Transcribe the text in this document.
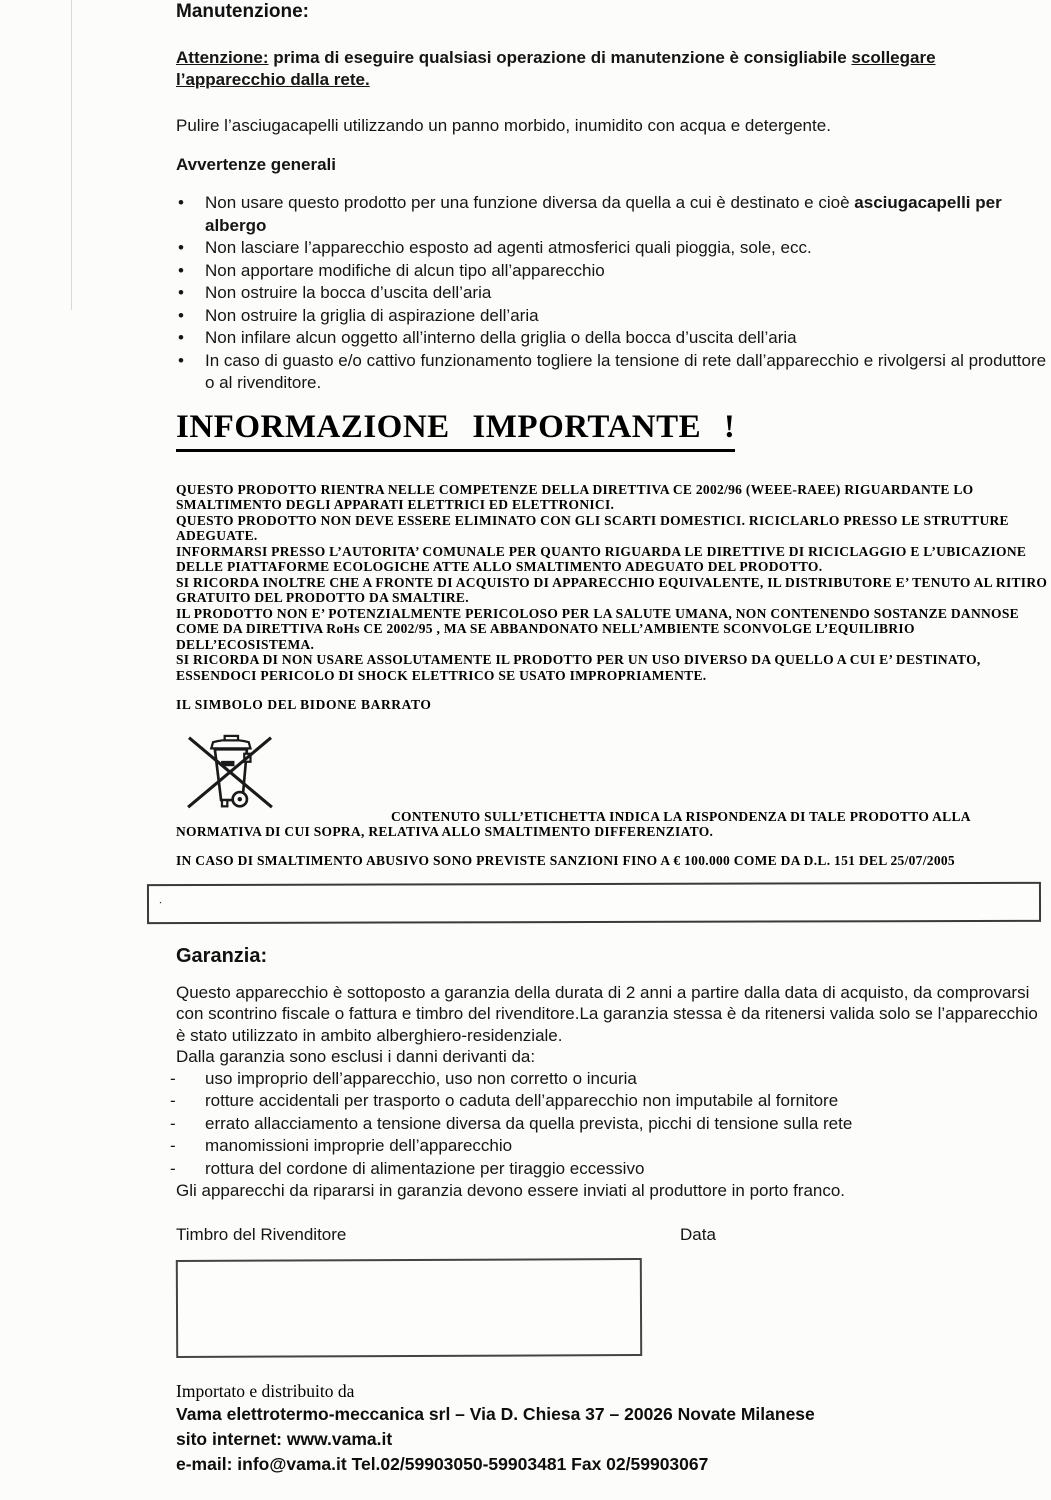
Manutenzione:

Attenzione: prima di eseguire qualsiasi operazione di manutenzione è consigliabile scollegare l’apparecchio dalla rete.

Pulire l’asciugacapelli utilizzando un panno morbido, inumidito con acqua e detergente.

Avvertenze generali

• Non usare questo prodotto per una funzione diversa da quella a cui è destinato e cioè asciugacapelli per albergo
• Non lasciare l’apparecchio esposto ad agenti atmosferici quali pioggia, sole, ecc.
• Non apportare modifiche di alcun tipo all’apparecchio
• Non ostruire la bocca d’uscita dell’aria
• Non ostruire la griglia di aspirazione dell’aria
• Non infilare alcun oggetto all’interno della griglia o della bocca d’uscita dell’aria
• In caso di guasto e/o cattivo funzionamento togliere la tensione di rete dall’apparecchio e rivolgersi al produttore o al rivenditore.
INFORMAZIONE IMPORTANTE !

QUESTO PRODOTTO RIENTRA NELLE COMPETENZE DELLA DIRETTIVA CE 2002/96 (WEEE-RAEE) RIGUARDANTE LO SMALTIMENTO DEGLI APPARATI ELETTRICI ED ELETTRONICI.

QUESTO PRODOTTO NON DEVE ESSERE ELIMINATO CON GLI SCARTI DOMESTICI. RICICLARLO PRESSO LE STRUTTURE ADEGUATE.

INFORMARSI PRESSO L’AUTORITA’ COMUNALE PER QUANTO RIGUARDA LE DIRETTIVE DI RICICLAGGIO E L’UBICAZIONE DELLE PIATTAFORME ECOLOGICHE ATTE ALLO SMALTIMENTO ADEGUATO DEL PRODOTTO.

SI RICORDA INOLTRE CHE A FRONTE DI ACQUISTO DI APPARECCHIO EQUIVALENTE, IL DISTRIBUTORE E’ TENUTO AL RITIRO GRATUITO DEL PRODOTTO DA SMALTIRE.

IL PRODOTTO NON E’ POTENZIALMENTE PERICOLOSO PER LA SALUTE UMANA, NON CONTENENDO SOSTANZE DANNOSE COME DA DIRETTIVA RoHs CE 2002/95 , MA SE ABBANDONATO NELL’AMBIENTE SCONVOLGE L’EQUILIBRIO DELL’ECOSISTEMA.

SI RICORDA DI NON USARE ASSOLUTAMENTE IL PRODOTTO PER UN USO DIVERSO DA QUELLO A CUI E’ DESTINATO, ESSENDOCI PERICOLO DI SHOCK ELETTRICO SE USATO IMPROPRIAMENTE.

IL SIMBOLO DEL BIDONE BARRATO

CONTENUTO SULL’ETICHETTA INDICA LA RISPONDENZA DI TALE PRODOTTO ALLA NORMATIVA DI CUI SOPRA, RELATIVA ALLO SMALTIMENTO DIFFERENZIATO.

IN CASO DI SMALTIMENTO ABUSIVO SONO PREVISTE SANZIONI FINO A € 100.000 COME DA D.L. 151 DEL 25/07/2005

.

Garanzia:

Questo apparecchio è sottoposto a garanzia della durata di 2 anni a partire dalla data di acquisto, da comprovarsi con scontrino fiscale o fattura e timbro del rivenditore.La garanzia stessa è da ritenersi valida solo se l’apparecchio è stato utilizzato in ambito alberghiero-residenziale.

Dalla garanzia sono esclusi i danni derivanti da:

- uso improprio dell’apparecchio, uso non corretto o incuria
- rotture accidentali per trasporto o caduta dell’apparecchio non imputabile al fornitore
- errato allacciamento a tensione diversa da quella prevista, picchi di tensione sulla rete
- manomissioni improprie dell’apparecchio
- rottura del cordone di alimentazione per tiraggio eccessivo

Gli apparecchi da ripararsi in garanzia devono essere inviati al produttore in porto franco.

Timbro del Rivenditore	Data

Importato e distribuito da

Vama elettrotermo-meccanica srl – Via D. Chiesa 37 – 20026 Novate Milanese

sito internet: www.vama.it

e-mail: info@vama.it Tel.02/59903050-59903481 Fax 02/59903067
